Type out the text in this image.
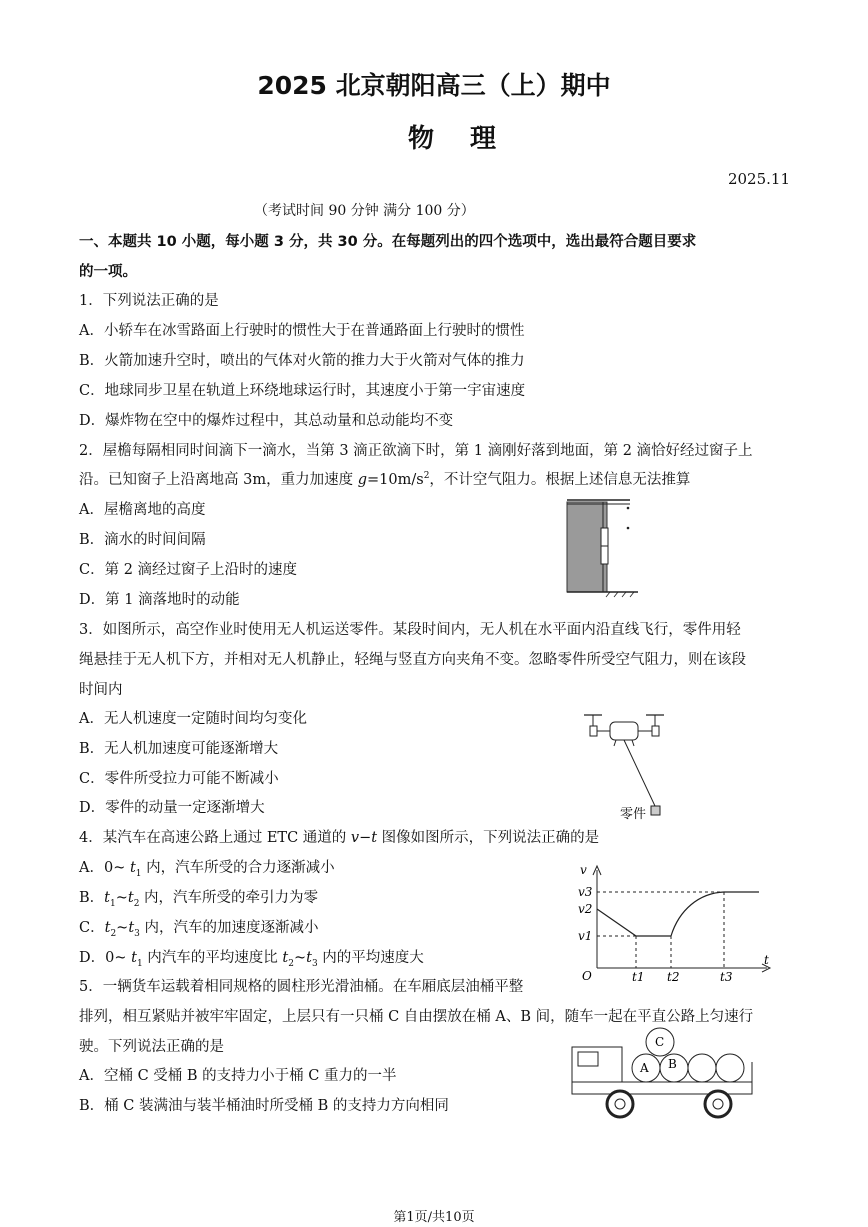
2025 北京朝阳高三（上）期中
物理
2025.11
（考试时间 90 分钟 满分 100 分）
一、本题共 10 小题，每小题 3 分，共 30 分。在每题列出的四个选项中，选出最符合题目要求
的一项。
1．下列说法正确的是
A．小轿车在冰雪路面上行驶时的惯性大于在普通路面上行驶时的惯性
B．火箭加速升空时，喷出的气体对火箭的推力大于火箭对气体的推力
C．地球同步卫星在轨道上环绕地球运行时，其速度小于第一宇宙速度
D．爆炸物在空中的爆炸过程中，其总动量和总动能均不变
2．屋檐每隔相同时间滴下一滴水，当第 3 滴正欲滴下时，第 1 滴刚好落到地面，第 2 滴恰好经过窗子上
沿。已知窗子上沿离地高 3m，重力加速度 $g=10m/s^2$，不计空气阻力。根据上述信息无法推算
A．屋檐离地的高度
B．滴水的时间间隔
C．第 2 滴经过窗子上沿时的速度
D．第 1 滴落地时的动能
3．如图所示，高空作业时使用无人机运送零件。某段时间内，无人机在水平面内沿直线飞行，零件用轻
绳悬挂于无人机下方，并相对无人机静止，轻绳与竖直方向夹角不变。忽略零件所受空气阻力，则在该段
时间内
A．无人机速度一定随时间均匀变化
B．无人机加速度可能逐渐增大
C．零件所受拉力可能不断减小
D．零件的动量一定逐渐增大	零件
4．某汽车在高速公路上通过 ETC 通道的 v−t 图像如图所示，下列说法正确的是
A．0~ $t_1$ 内，汽车所受的合力逐渐减小
B．$t_1\sim t_2$ 内，汽车所受的牵引力为零
C．$t_2\sim t_3$ 内，汽车的加速度逐渐减小
D．0~ $t_1$ 内汽车的平均速度比 $t_2\sim t_3$ 内的平均速度大
v
t
O
v3
v2
v1
t1 t2	t3
5．一辆货车运载着相同规格的圆柱形光滑油桶。在车厢底层油桶平整
排列，相互紧贴并被牢牢固定，上层只有一只桶 C 自由摆放在桶 A、B 间，随车一起在平直公路上匀速行
驶。下列说法正确的是
A．空桶 C 受桶 B 的支持力小于桶 C 重力的一半
B．桶 C 装满油与装半桶油时所受桶 B 的支持力方向相同
C
A B
第1页/共10页
